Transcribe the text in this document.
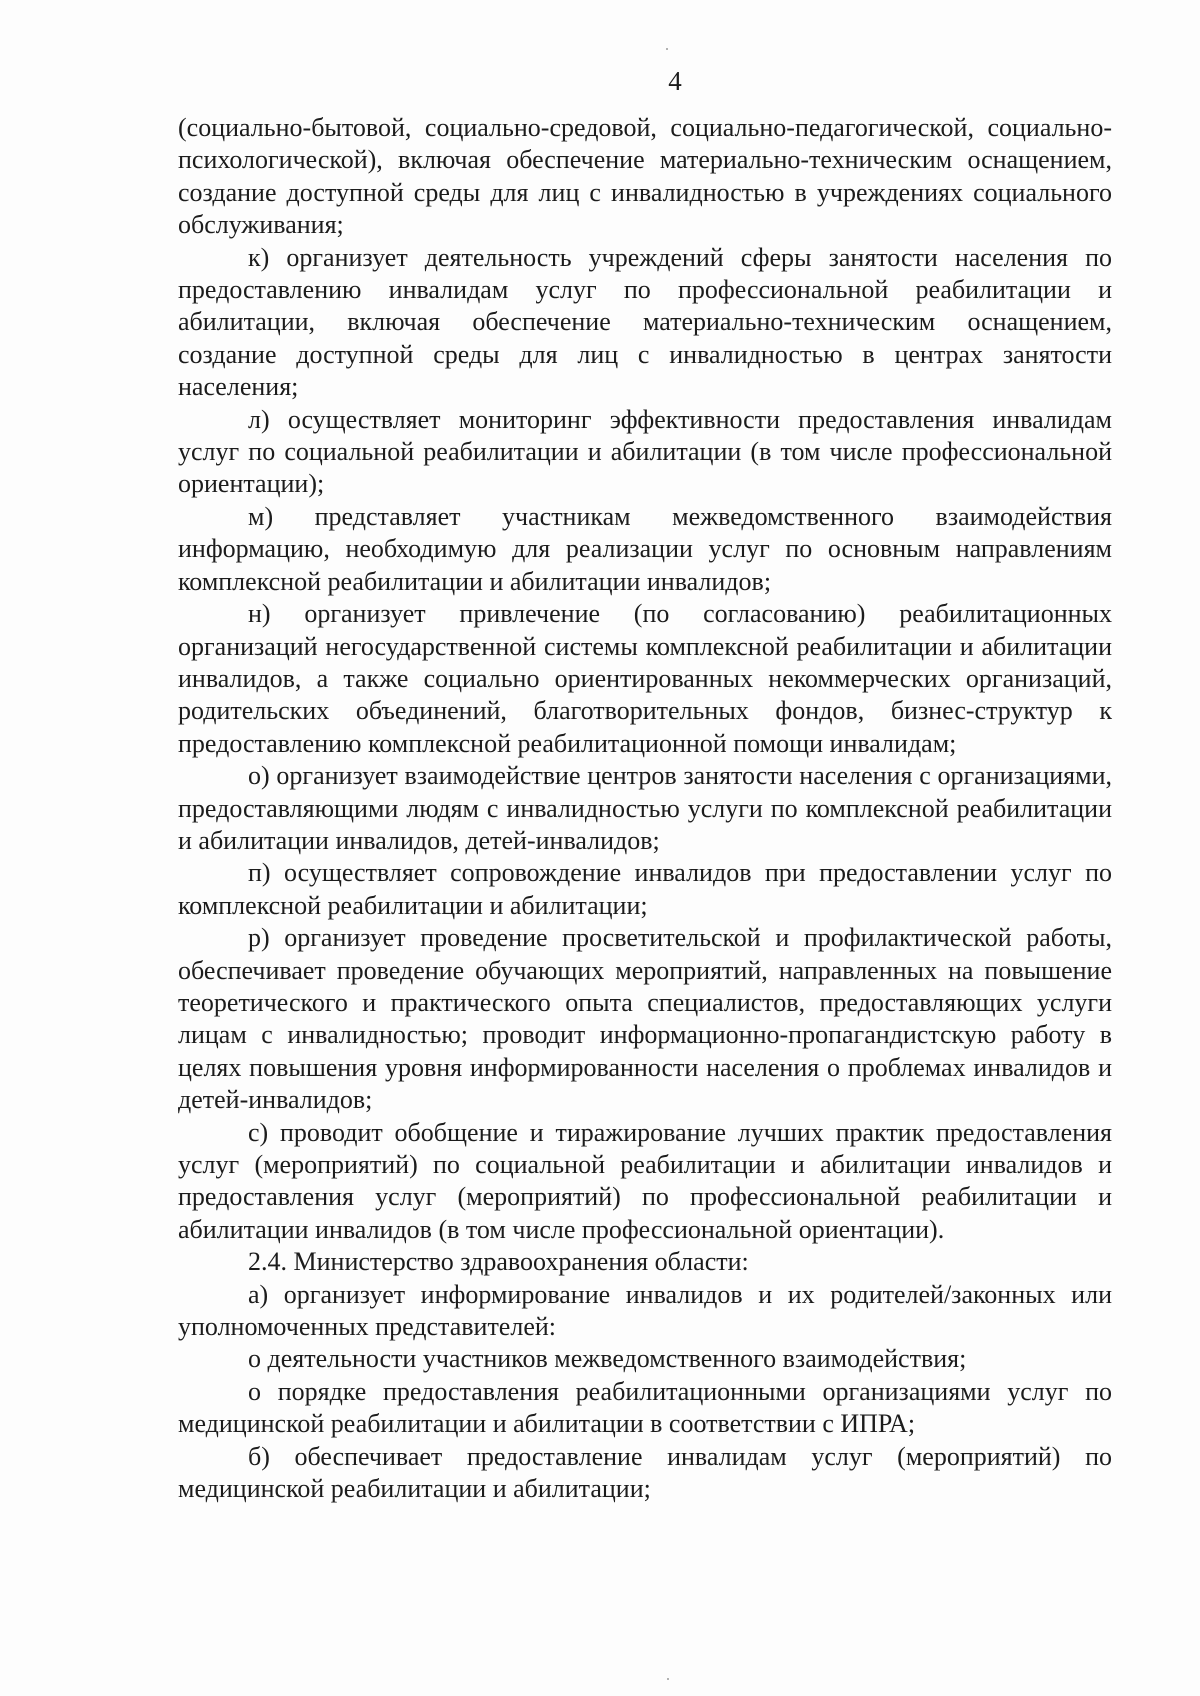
4

(социально-бытовой, социально-средовой, социально-педагогической, социально-психологической), включая обеспечение материально-техническим оснащением, создание доступной среды для лиц с инвалидностью в учреждениях социального обслуживания;

к) организует деятельность учреждений сферы занятости населения по предоставлению инвалидам услуг по профессиональной реабилитации и абилитации, включая обеспечение материально-техническим оснащением, создание доступной среды для лиц с инвалидностью в центрах занятости населения;

л) осуществляет мониторинг эффективности предоставления инвалидам услуг по социальной реабилитации и абилитации (в том числе профессиональной ориентации);

м) представляет участникам межведомственного взаимодействия информацию, необходимую для реализации услуг по основным направлениям комплексной реабилитации и абилитации инвалидов;

н) организует привлечение (по согласованию) реабилитационных организаций негосударственной системы комплексной реабилитации и абилитации инвалидов, а также социально ориентированных некоммерческих организаций, родительских объединений, благотворительных фондов, бизнес-структур к предоставлению комплексной реабилитационной помощи инвалидам;

о) организует взаимодействие центров занятости населения с организациями, предоставляющими людям с инвалидностью услуги по комплексной реабилитации и абилитации инвалидов, детей-инвалидов;

п) осуществляет сопровождение инвалидов при предоставлении услуг по комплексной реабилитации и абилитации;

р) организует проведение просветительской и профилактической работы, обеспечивает проведение обучающих мероприятий, направленных на повышение теоретического и практического опыта специалистов, предоставляющих услуги лицам с инвалидностью; проводит информационно-пропагандистскую работу в целях повышения уровня информированности населения о проблемах инвалидов и детей-инвалидов;

с) проводит обобщение и тиражирование лучших практик предоставления услуг (мероприятий) по социальной реабилитации и абилитации инвалидов и предоставления услуг (мероприятий) по профессиональной реабилитации и абилитации инвалидов (в том числе профессиональной ориентации).

2.4. Министерство здравоохранения области:

а) организует информирование инвалидов и их родителей/законных или уполномоченных представителей:

о деятельности участников межведомственного взаимодействия;

о порядке предоставления реабилитационными организациями услуг по медицинской реабилитации и абилитации в соответствии с ИПРА;

б) обеспечивает предоставление инвалидам услуг (мероприятий) по медицинской реабилитации и абилитации;
